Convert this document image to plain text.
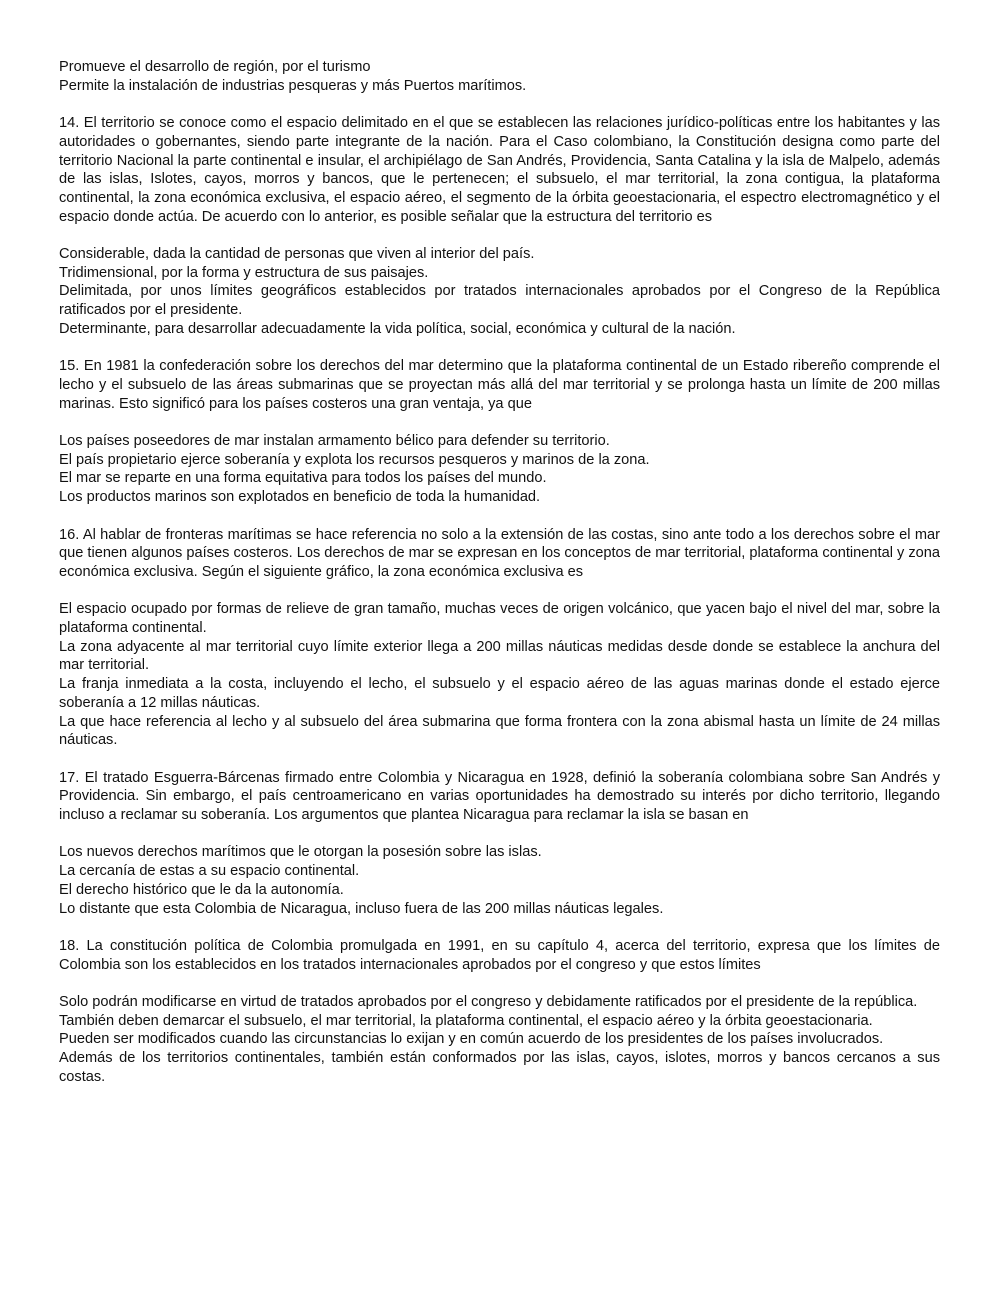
Promueve el desarrollo de región, por el turismo
Permite la instalación de industrias pesqueras y más Puertos marítimos.
14. El territorio se conoce como el espacio delimitado en el que se establecen las relaciones jurídico-políticas entre los habitantes y las autoridades o gobernantes, siendo parte integrante de la nación. Para el Caso colombiano, la Constitución designa como parte del territorio Nacional la parte continental e insular, el archipiélago de San Andrés, Providencia, Santa Catalina y la isla de Malpelo, además de las islas, Islotes, cayos, morros y bancos, que le pertenecen; el subsuelo, el mar territorial, la zona contigua, la plataforma continental, la zona económica exclusiva, el espacio aéreo, el segmento de la órbita geoestacionaria, el espectro electromagnético y el espacio donde actúa. De acuerdo con lo anterior, es posible señalar que la estructura del territorio es
Considerable, dada la cantidad de personas que viven al interior del país.
Tridimensional, por la forma y estructura de sus paisajes.
Delimitada, por unos límites geográficos establecidos por tratados internacionales aprobados por el Congreso de la República ratificados por el presidente.
Determinante, para desarrollar adecuadamente la vida política, social, económica y cultural de la nación.
15. En 1981 la confederación sobre los derechos del mar determino que la plataforma continental de un Estado ribereño comprende el lecho y el subsuelo de las áreas submarinas que se proyectan más allá del mar territorial y se prolonga hasta un límite de 200 millas marinas. Esto significó para los países costeros una gran ventaja, ya que
Los países poseedores de mar instalan armamento bélico para defender su territorio.
El país propietario ejerce soberanía y explota los recursos pesqueros y marinos de la zona.
El mar se reparte en una forma equitativa para todos los países del mundo.
Los productos marinos son explotados en beneficio de toda la humanidad.
16. Al hablar de fronteras marítimas se hace referencia no solo a la extensión de las costas, sino ante todo a los derechos sobre el mar que tienen algunos países costeros. Los derechos de mar se expresan en los conceptos de mar territorial, plataforma continental y zona económica exclusiva. Según el siguiente gráfico, la zona económica exclusiva es
El espacio ocupado por formas de relieve de gran tamaño, muchas veces de origen volcánico, que yacen bajo el nivel del mar, sobre la plataforma continental.
La zona adyacente al mar territorial cuyo límite exterior llega a 200 millas náuticas medidas desde donde se establece la anchura del mar territorial.
La franja inmediata a la costa, incluyendo el lecho, el subsuelo y el espacio aéreo de las aguas marinas donde el estado ejerce soberanía a 12 millas náuticas.
La que hace referencia al lecho y al subsuelo del área submarina que forma frontera con la zona abismal hasta un límite de 24 millas náuticas.
17. El tratado Esguerra-Bárcenas firmado entre Colombia y Nicaragua en 1928, definió la soberanía colombiana sobre San Andrés y Providencia. Sin embargo, el país centroamericano en varias oportunidades ha demostrado su interés por dicho territorio, llegando incluso a reclamar su soberanía. Los argumentos que plantea Nicaragua para reclamar la isla se basan en
Los nuevos derechos marítimos que le otorgan la posesión sobre las islas.
La cercanía de estas a su espacio continental.
El derecho histórico que le da la autonomía.
Lo distante que esta Colombia de Nicaragua, incluso fuera de las 200 millas náuticas legales.
18. La constitución política de Colombia promulgada en 1991, en su capítulo 4, acerca del territorio, expresa que los límites de Colombia son los establecidos en los tratados internacionales aprobados por el congreso y que estos límites
Solo podrán modificarse en virtud de tratados aprobados por el congreso y debidamente ratificados por el presidente de la república.
También deben demarcar el subsuelo, el mar territorial, la plataforma continental, el espacio aéreo y la órbita geoestacionaria.
Pueden ser modificados cuando las circunstancias lo exijan y en común acuerdo de los presidentes de los países involucrados.
Además de los territorios continentales, también están conformados por las islas, cayos, islotes, morros y bancos cercanos a sus costas.
